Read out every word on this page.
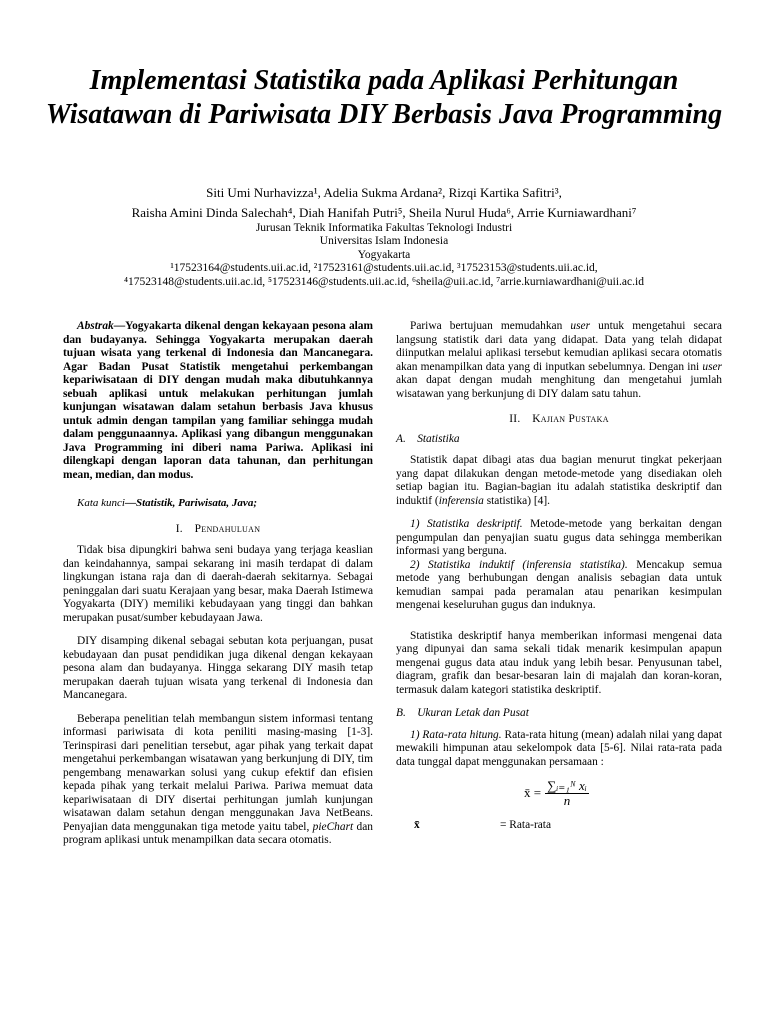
Implementasi Statistika pada Aplikasi Perhitungan Wisatawan di Pariwisata DIY Berbasis Java Programming
Siti Umi Nurhavizza¹, Adelia Sukma Ardana², Rizqi Kartika Safitri³,
Raisha Amini Dinda Salechah⁴, Diah Hanifah Putri⁵, Sheila Nurul Huda⁶, Arrie Kurniawardhani⁷
Jurusan Teknik Informatika Fakultas Teknologi Industri
Universitas Islam Indonesia
Yogyakarta
¹17523164@students.uii.ac.id, ²17523161@students.uii.ac.id, ³17523153@students.uii.ac.id,
⁴17523148@students.uii.ac.id, ⁵17523146@students.uii.ac.id, ⁶sheila@uii.ac.id, ⁷arrie.kurniawardhani@uii.ac.id

Abstrak—Yogyakarta dikenal dengan kekayaan pesona alam dan budayanya. Sehingga Yogyakarta merupakan daerah tujuan wisata yang terkenal di Indonesia dan Mancanegara. Agar Badan Pusat Statistik mengetahui perkembangan kepariwisataan di DIY dengan mudah maka dibutuhkannya sebuah aplikasi untuk melakukan perhitungan jumlah kunjungan wisatawan dalam setahun berbasis Java khusus untuk admin dengan tampilan yang familiar sehingga mudah dalam penggunaannya. Aplikasi yang dibangun menggunakan Java Programming ini diberi nama Pariwa. Aplikasi ini dilengkapi dengan laporan data tahunan, dan perhitungan mean, median, dan modus.

Kata kunci—Statistik, Pariwisata, Java;

I. Pendahuluan

Tidak bisa dipungkiri bahwa seni budaya yang terjaga keaslian dan keindahannya, sampai sekarang ini masih terdapat di dalam lingkungan istana raja dan di daerah-daerah sekitarnya. Sebagai peninggalan dari suatu Kerajaan yang besar, maka Daerah Istimewa Yogyakarta (DIY) memiliki kebudayaan yang tinggi dan bahkan merupakan pusat/sumber kebudayaan Jawa.

DIY disamping dikenal sebagai sebutan kota perjuangan, pusat kebudayaan dan pusat pendidikan juga dikenal dengan kekayaan pesona alam dan budayanya. Hingga sekarang DIY masih tetap merupakan daerah tujuan wisata yang terkenal di Indonesia dan Mancanegara.

Beberapa penelitian telah membangun sistem informasi tentang informasi pariwisata di kota peniliti masing-masing [1-3]. Terinspirasi dari penelitian tersebut, agar pihak yang terkait dapat mengetahui perkembangan wisatawan yang berkunjung di DIY, tim pengembang menawarkan solusi yang cukup efektif dan efisien kepada pihak yang terkait melalui Pariwa. Pariwa memuat data kepariwisataan di DIY disertai perhitungan jumlah kunjungan wisatawan dalam setahun dengan menggunakan Java NetBeans. Penyajian data menggunakan tiga metode yaitu tabel, pieChart dan program aplikasi untuk menampilkan data secara otomatis.

Pariwa bertujuan memudahkan user untuk mengetahui secara langsung statistik dari data yang didapat. Data yang telah didapat diinputkan melalui aplikasi tersebut kemudian aplikasi secara otomatis akan menampilkan data yang di inputkan sebelumnya. Dengan ini user akan dapat dengan mudah menghitung dan mengetahui jumlah wisatawan yang berkunjung di DIY dalam satu tahun.

II. Kajian Pustaka

A. Statistika

Statistik dapat dibagi atas dua bagian menurut tingkat pekerjaan yang dapat dilakukan dengan metode-metode yang disediakan oleh setiap bagian itu. Bagian-bagian itu adalah statistika deskriptif dan induktif (inferensia statistika) [4].

1) Statistika deskriptif. Metode-metode yang berkaitan dengan pengumpulan dan penyajian suatu gugus data sehingga memberikan informasi yang berguna.

2) Statistika induktif (inferensia statistika). Mencakup semua metode yang berhubungan dengan analisis sebagian data untuk kemudian sampai pada peramalan atau penarikan kesimpulan mengenai keseluruhan gugus dan induknya.

Statistika deskriptif hanya memberikan informasi mengenai data yang dipunyai dan sama sekali tidak menarik kesimpulan apapun mengenai gugus data atau induk yang lebih besar. Penyusunan tabel, diagram, grafik dan besar-besaran lain di majalah dan koran-koran, termasuk dalam kategori statistika deskriptif.

B. Ukuran Letak dan Pusat

1) Rata-rata hitung. Rata-rata hitung (mean) adalah nilai yang dapat mewakili himpunan atau sekelompok data [5-6]. Nilai rata-rata pada data tunggal dapat menggunakan persamaan :

x̄ = $\frac{\text{∑ᵢ₌₁ᴺ xᵢ}}{n}$
x̄	= Rata-rata
